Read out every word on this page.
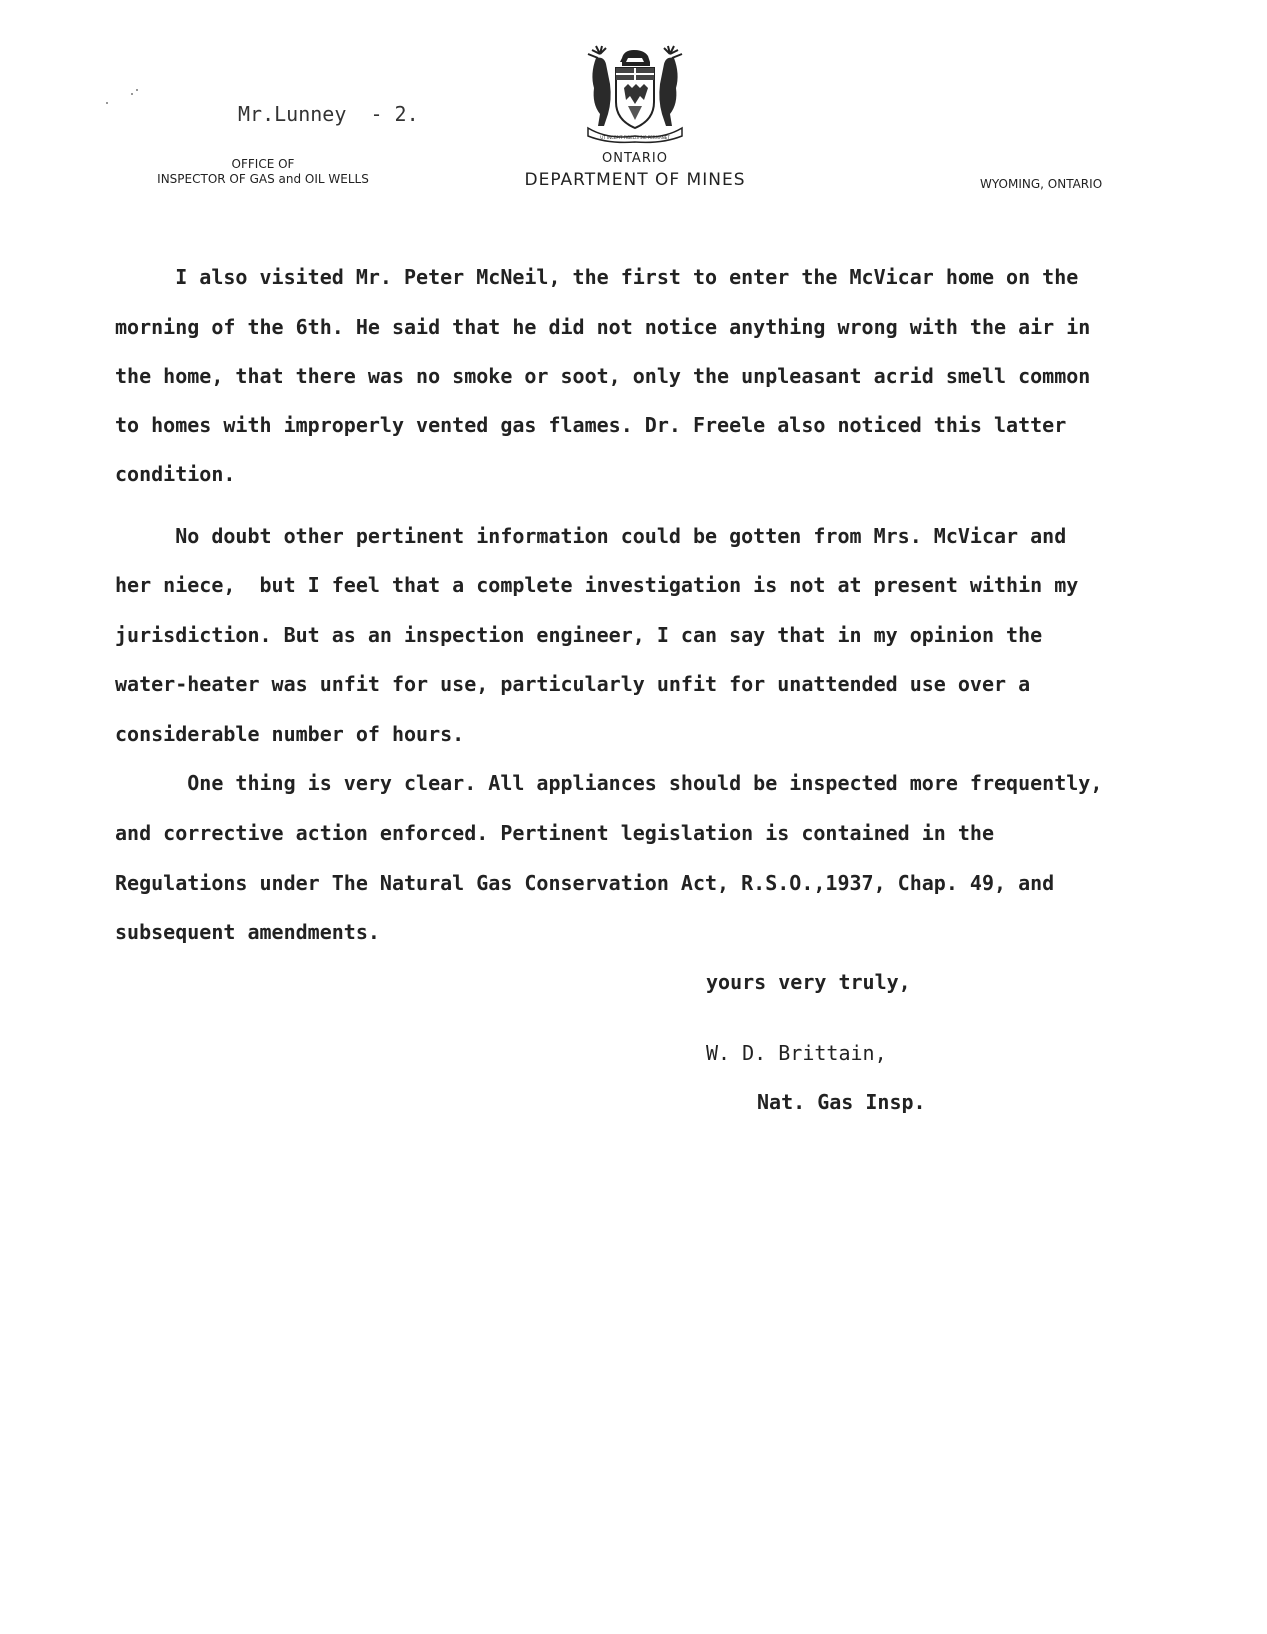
Mr.Lunney  - 2.
OFFICE OF
INSPECTOR OF GAS and OIL WELLS
UT INCEPIT FIDELIS SIC PERMANET
ONTARIO
DEPARTMENT OF MINES	WYOMING, ONTARIO
I also visited Mr. Peter McNeil, the first to enter the McVicar home on the
morning of the 6th. He said that he did not notice anything wrong with the air in
the home, that there was no smoke or soot, only the unpleasant acrid smell common
to homes with improperly vented gas flames. Dr. Freele also noticed this latter
condition.
No doubt other pertinent information could be gotten from Mrs. McVicar and
her niece,  but I feel that a complete investigation is not at present within my
jurisdiction. But as an inspection engineer, I can say that in my opinion the
water-heater was unfit for use, particularly unfit for unattended use over a
considerable number of hours.
One thing is very clear. All appliances should be inspected more frequently,
and corrective action enforced. Pertinent legislation is contained in the
Regulations under The Natural Gas Conservation Act, R.S.O.,1937, Chap. 49, and
subsequent amendments.
yours very truly,
W. D. Brittain,
Nat. Gas Insp.
